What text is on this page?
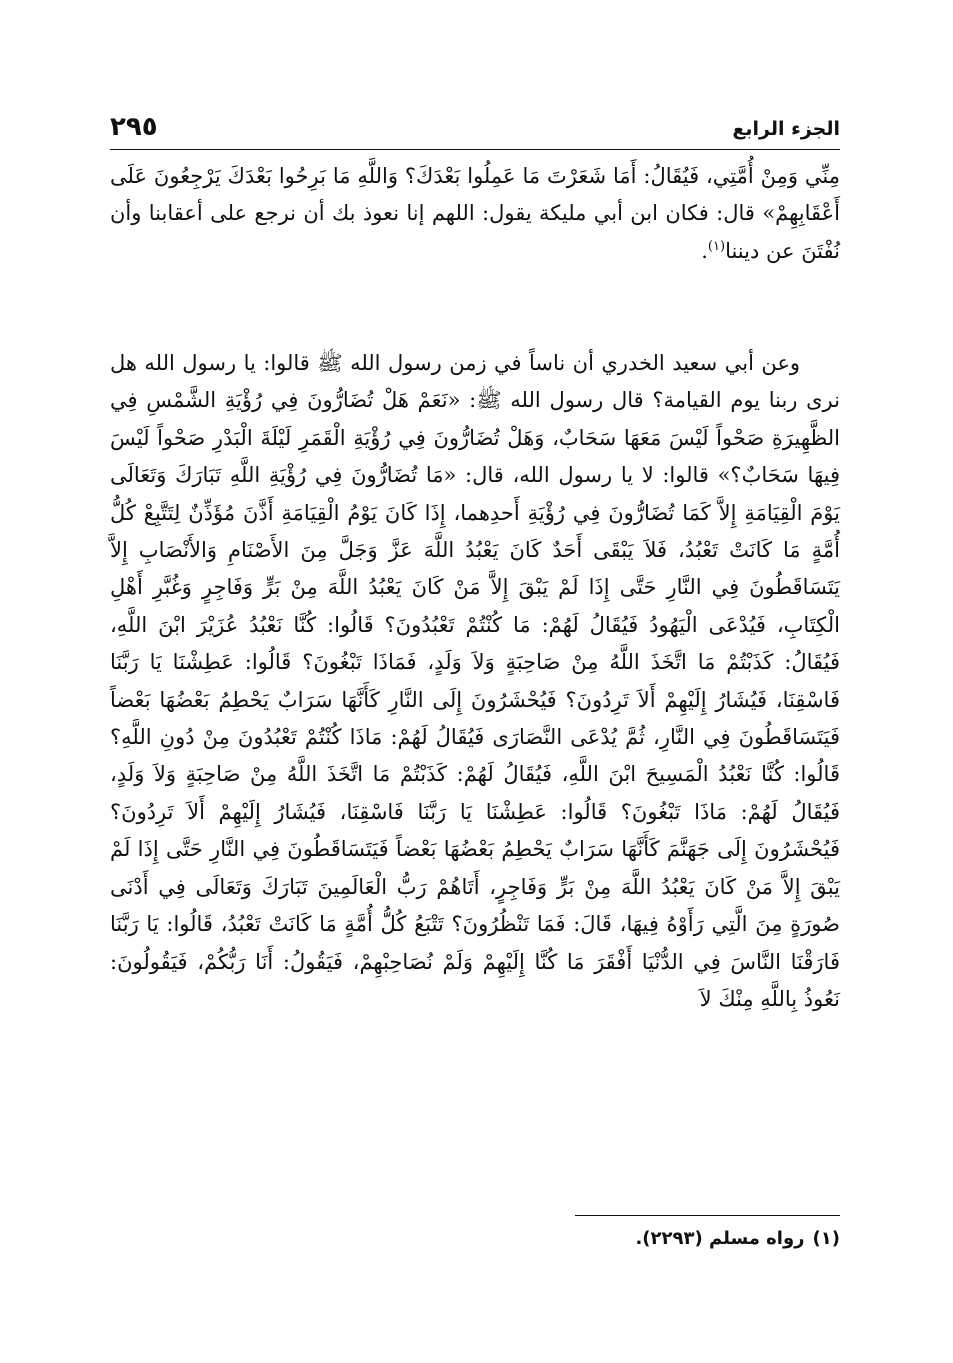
الجزء الرابع
٢٩٥

مِنِّي وَمِنْ أُمَّتِي، فَيُقَالُ: أَمَا شَعَرْتَ مَا عَمِلُوا بَعْدَكَ؟ وَاللَّهِ مَا بَرِحُوا بَعْدَكَ يَرْجِعُونَ عَلَى أَعْقَابِهِمْ» قال: فكان ابن أبي مليكة يقول: اللهم إنا نعوذ بك أن نرجع على أعقابنا وأن نُفْتَنَ عن ديننا$^{(١)}$.

وعن أبي سعيد الخدري أن ناساً في زمن رسول الله ﷺ قالوا: يا رسول الله هل نرى ربنا يوم القيامة؟ قال رسول الله ﷺ: «نَعَمْ هَلْ تُضَارُّونَ فِي رُؤْيَةِ الشَّمْسِ فِي الظَّهِيرَةِ صَحْواً لَيْسَ مَعَهَا سَحَابٌ، وَهَلْ تُضَارُّونَ فِي رُؤْيَةِ الْقَمَرِ لَيْلَةَ الْبَدْرِ صَحْواً لَيْسَ فِيهَا سَحَابٌ؟» قالوا: لا يا رسول الله، قال: «مَا تُضَارُّونَ فِي رُؤْيَةِ اللَّهِ تَبَارَكَ وَتَعَالَى يَوْمَ الْقِيَامَةِ إِلاَّ كَمَا تُضَارُّونَ فِي رُؤْيَةِ أَحدِهما، إِذَا كَانَ يَوْمُ الْقِيَامَةِ أَذَّنَ مُؤَذِّنٌ لِتَتَّبِعْ كُلُّ أُمَّةٍ مَا كَانَتْ تَعْبُدُ، فَلاَ يَبْقَى أَحَدٌ كَانَ يَعْبُدُ اللَّهَ عَزَّ وَجَلَّ مِنَ الأَصْنَامِ وَالأَنْصَابِ إِلاَّ يَتَسَاقَطُونَ فِي النَّارِ حَتَّى إِذَا لَمْ يَبْقَ إِلاَّ مَنْ كَانَ يَعْبُدُ اللَّهَ مِنْ بَرٍّ وَفَاجِرٍ وَغُبَّرِ أَهْلِ الْكِتَابِ، فَيُدْعَى الْيَهُودُ فَيُقَالُ لَهُمْ: مَا كُنْتُمْ تَعْبُدُونَ؟ قَالُوا: كُنَّا نَعْبُدُ عُزَيْرَ ابْنَ اللَّهِ، فَيُقَالُ: كَذَبْتُمْ مَا اتَّخَذَ اللَّهُ مِنْ صَاحِبَةٍ وَلاَ وَلَدٍ، فَمَاذَا تَبْغُونَ؟ قَالُوا: عَطِشْنَا يَا رَبَّنَا فَاسْقِنَا، فَيُشَارُ إِلَيْهِمْ أَلاَ تَرِدُونَ؟ فَيُحْشَرُونَ إِلَى النَّارِ كَأَنَّهَا سَرَابٌ يَحْطِمُ بَعْضُهَا بَعْضاً فَيَتَسَاقَطُونَ فِي النَّارِ، ثُمَّ يُدْعَى النَّصَارَى فَيُقَالُ لَهُمْ: مَاذَا كُنْتُمْ تَعْبُدُونَ مِنْ دُونِ اللَّهِ؟ قَالُوا: كُنَّا نَعْبُدُ الْمَسِيحَ ابْنَ اللَّهِ، فَيُقَالُ لَهُمْ: كَذَبْتُمْ مَا اتَّخَذَ اللَّهُ مِنْ صَاحِبَةٍ وَلاَ وَلَدٍ، فَيُقَالُ لَهُمْ: مَاذَا تَبْغُونَ؟ قَالُوا: عَطِشْنَا يَا رَبَّنَا فَاسْقِنَا، فَيُشَارُ إِلَيْهِمْ أَلاَ تَرِدُونَ؟ فَيُحْشَرُونَ إِلَى جَهَنَّمَ كَأَنَّهَا سَرَابٌ يَحْطِمُ بَعْضُهَا بَعْضاً فَيَتَسَاقَطُونَ فِي النَّارِ حَتَّى إِذَا لَمْ يَبْقَ إِلاَّ مَنْ كَانَ يَعْبُدُ اللَّهَ مِنْ بَرٍّ وَفَاجِرٍ، أَتَاهُمْ رَبُّ الْعَالَمِينَ تَبَارَكَ وَتَعَالَى فِي أَدْنَى صُورَةٍ مِنَ الَّتِي رَأَوْهُ فِيهَا، قَالَ: فَمَا تَنْظُرُونَ؟ تَتْبَعُ كُلُّ أُمَّةٍ مَا كَانَتْ تَعْبُدُ، قَالُوا: يَا رَبَّنَا فَارَقْنَا النَّاسَ فِي الدُّنْيَا أَفْقَرَ مَا كُنَّا إِلَيْهِمْ وَلَمْ نُصَاحِبْهِمْ، فَيَقُولُ: أَنَا رَبُّكُمْ، فَيَقُولُونَ: نَعُوذُ بِاللَّهِ مِنْكَ لاَ

(١)رواه مسلم (٢٢٩٣).
